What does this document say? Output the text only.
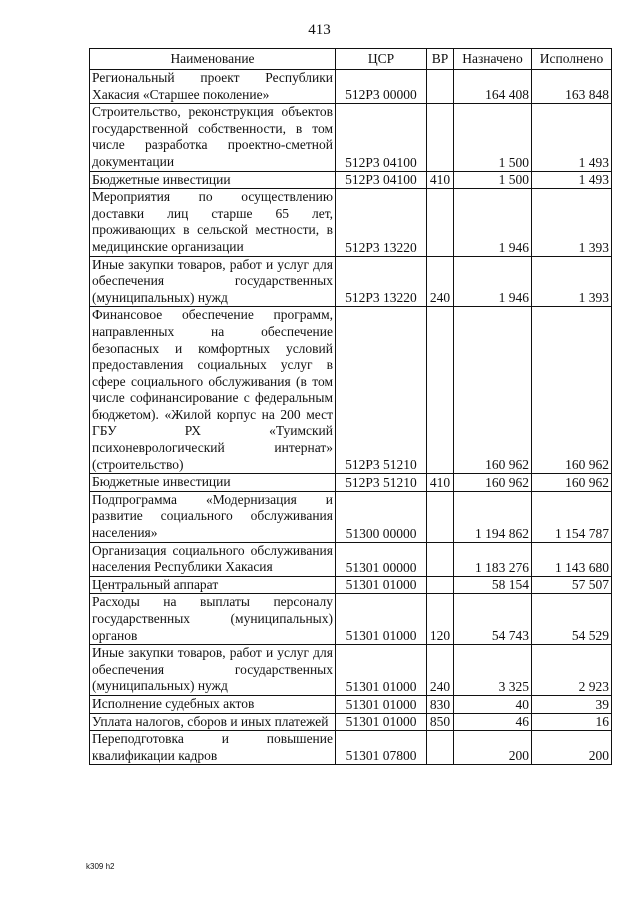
413
Наименование	ЦСР	ВР	Назначено	Исполнено
Региональный проект Республики Хакасия «Старшее поколение»	512P3 00000		164 408	163 848
Строительство, реконструкция объектов государственной собственности, в том числе разработка проектно-сметной документации	512P3 04100		1 500	1 493
Бюджетные инвестиции	512P3 04100	410	1 500	1 493
Мероприятия по осуществлению доставки лиц старше 65 лет, проживающих в сельской местности, в медицинские организации	512P3 13220		1 946	1 393
Иные закупки товаров, работ и услуг для обеспечения государственных (муниципальных) нужд	512P3 13220	240	1 946	1 393
Финансовое обеспечение программ, направленных на обеспечение безопасных и комфортных условий предоставления социальных услуг в сфере социального обслуживания (в том числе софинансирование с федеральным бюджетом). «Жилой корпус на 200 мест ГБУ РХ «Туимский психоневрологический интернат» (строительство)	512P3 51210		160 962	160 962
Бюджетные инвестиции	512P3 51210	410	160 962	160 962
Подпрограмма «Модернизация и развитие социального обслуживания населения»	51300 00000		1 194 862	1 154 787
Организация социального обслуживания населения Республики Хакасия	51301 00000		1 183 276	1 143 680
Центральный аппарат	51301 01000		58 154	57 507
Расходы на выплаты персоналу государственных (муниципальных) органов	51301 01000	120	54 743	54 529
Иные закупки товаров, работ и услуг для обеспечения государственных (муниципальных) нужд	51301 01000	240	3 325	2 923
Исполнение судебных актов	51301 01000	830	40	39
Уплата налогов, сборов и иных платежей	51301 01000	850	46	16
Переподготовка и повышение квалификации кадров	51301 07800		200	200
k309 h2
